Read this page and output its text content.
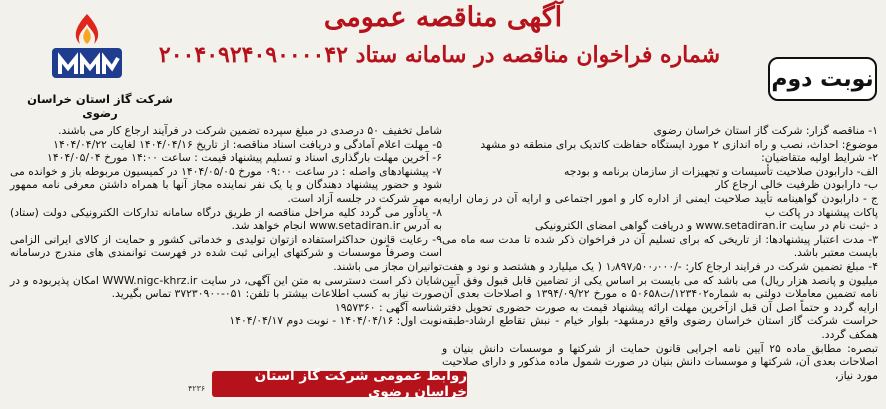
آگهی مناقصه عمومی
شماره فراخوان مناقصه در سامانه ستاد ۲۰۰۴۰۹۲۴۰۹۰۰۰۰۴۲
نوبت دوم
شرکت گاز استان خراسان رضوی

۱- مناقصه گزار: شرکت گاز استان خراسان رضوی

موضوع: احداث، نصب و راه اندازی ۲ مورد ایستگاه حفاظت کاتدیک برای منطقه دو مشهد

۲- شرایط اولیه متقاضیان:

الف- دارابودن صلاحیت تأسیسات و تجهیزات از سازمان برنامه و بودجه

ب- دارابودن ظرفیت خالی ارجاع کار

ج - دارابودن گواهینامه تأیید صلاحیت ایمنی از اداره کار و امور اجتماعی و ارایه آن در زمان ارایه پاکات پیشنهاد در پاکت ب

د -ثبت نام در سایت www.setadiran.ir و دریافت گواهی امضای الکترونیکی

۳- مدت اعتبار پیشنهادها: از تاریخی که برای تسلیم آن در فراخوان ذکر شده تا مدت سه ماه می بایست معتبر باشد.

۴- مبلغ تضمین شرکت در فرایند ارجاع کار: -/۱٫۸۹۷٫۵۰۰٫۰۰۰ ( یک میلیارد و هشتصد و نود و هفت میلیون و پانصد هزار ریال) می باشد که می بایست بر اساس یکی از تضامین قابل قبول وفق آیین نامه تضمین معاملات دولتی به شماره۱۲۳۴۰۲/ت۵۰۶۵۸ ه مورخ ۱۳۹۴/۰۹/۲۲ و اصلاحات بعدی آن ارایه گردد و حتماً اصل آن قبل ازآخرین مهلت ارائه پیشنهاد قیمت به صورت حضوری تحویل دفتر حراست شرکت گاز استان خراسان رضوی واقع درمشهد- بلوار خیام - نبش تقاطع ارشاد-طبقه همکف گردد.

تبصره: مطابق ماده ۲۵ آیین نامه اجرایی قانون حمایت از شرکتها و موسسات دانش بنیان و اصلاحات بعدی آن، شرکتها و موسسات دانش بنیان در صورت شمول ماده مذکور و دارای صلاحیت مورد نیاز،

شامل تخفیف ۵۰ درصدی در مبلغ سپرده تضمین شرکت در فرآیند ارجاع کار می باشند.

۵- مهلت اعلام آمادگی و دریافت اسناد مناقصه: از تاریخ ۱۴۰۴/۰۴/۱۶ لغایت ۱۴۰۴/۰۴/۲۲

۶- آخرین مهلت بارگذاری اسناد و تسلیم پیشنهاد قیمت : ساعت ۱۴:۰۰ مورخ ۱۴۰۴/۰۵/۰۴

۷- پیشنهادهای واصله : در ساعت ۰۹:۰۰ مورخ ۱۴۰۴/۰۵/۰۵ در کمیسیون مربوطه باز و خوانده می شود و حضور پیشنهاد دهندگان و یا یک نفر نماینده مجاز آنها با همراه داشتن معرفی نامه ممهور به مهر شرکت در جلسه آزاد است.

۸- یادآور می گردد کلیه مراحل مناقصه از طریق درگاه سامانه تدارکات الکترونیکی دولت (ستاد) به آدرس www.setadiran.ir انجام خواهد شد.

۹- رعایت قانون حداکثراستفاده ازتوان تولیدی و خدماتی کشور و حمایت از کالای ایرانی الزامی است وصرفاً موسسات و شرکتهای ایرانی ثبت شده در فهرست توانمندی های مندرج درسامانه توانیران مجاز می باشند.

شایان ذکر است دسترسی به متن این آگهی، در سایت WWW.nigc-khrz.ir امکان پذیربوده و در صورت نیاز به کسب اطلاعات بیشتر با تلفن: ۰۵۱-۳۷۲۳۰۹۰۰ تماس بگیرید.

شناسه آگهی : ۱۹۵۷۳۶۰

نوبت اول: ۱۴۰۴/۰۴/۱۶ - نوبت دوم ۱۴۰۴/۰۴/۱۷

روابط عمومی شرکت گاز استان خراسان رضوی
۴۲۳۶
